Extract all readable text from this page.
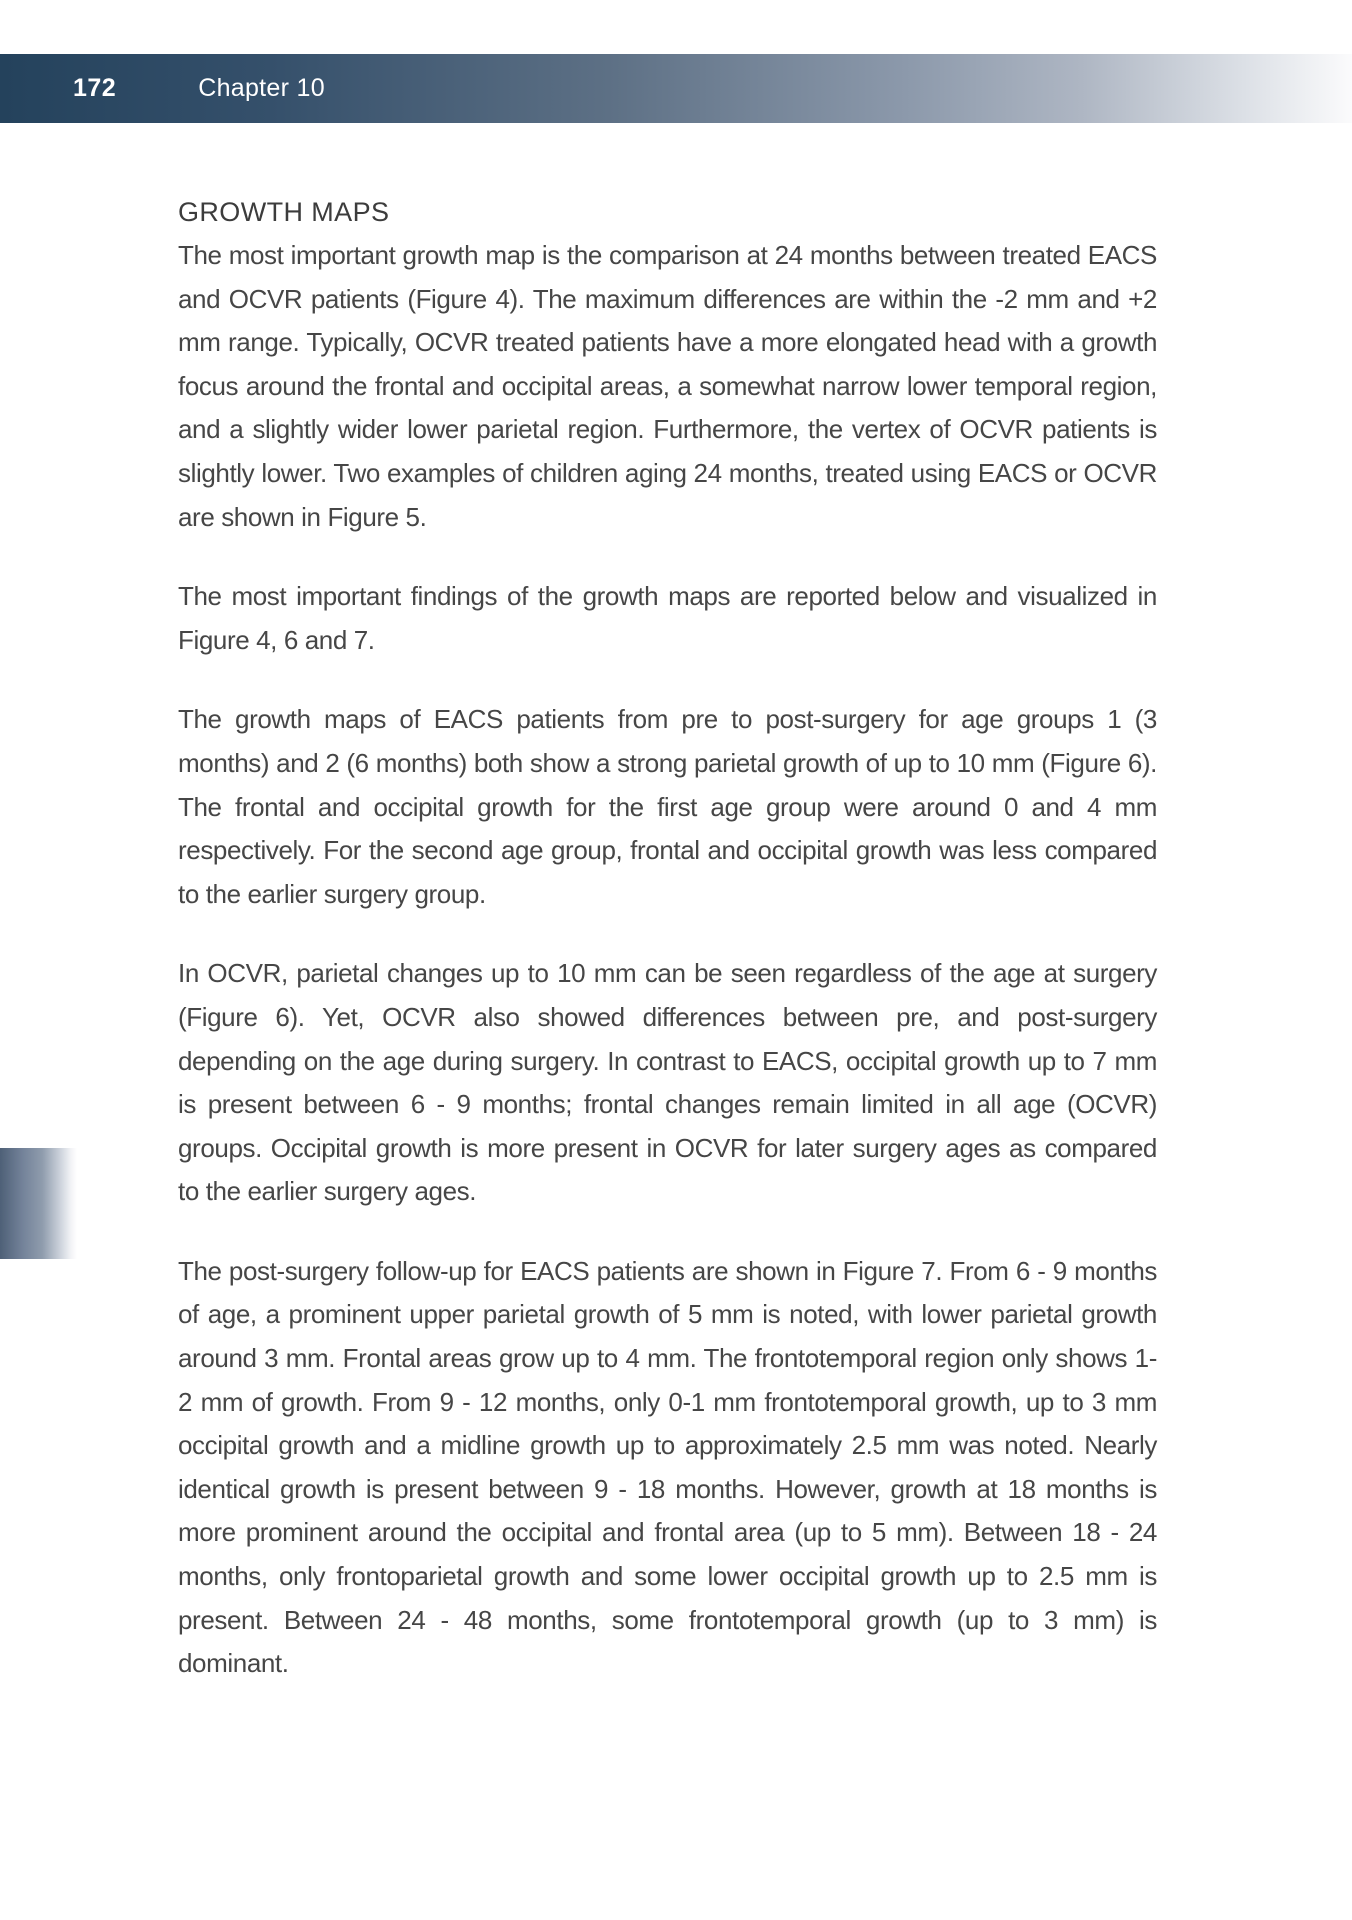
172	Chapter 10
GROWTH MAPS

The most important growth map is the comparison at 24 months between treated EACS and OCVR patients (Figure 4). The maximum differences are within the -2 mm and +2 mm range. Typically, OCVR treated patients have a more elongated head with a growth focus around the frontal and occipital areas, a somewhat narrow lower temporal region, and a slightly wider lower parietal region. Furthermore, the vertex of OCVR patients is slightly lower. Two examples of children aging 24 months, treated using EACS or OCVR are shown in Figure 5.

The most important findings of the growth maps are reported below and visualized in Figure 4, 6 and 7.

The growth maps of EACS patients from pre to post-surgery for age groups 1 (3 months) and 2 (6 months) both show a strong parietal growth of up to 10 mm (Figure 6). The frontal and occipital growth for the first age group were around 0 and 4 mm respectively. For the second age group, frontal and occipital growth was less compared to the earlier surgery group.

In OCVR, parietal changes up to 10 mm can be seen regardless of the age at surgery (Figure 6). Yet, OCVR also showed differences between pre, and post-surgery depending on the age during surgery. In contrast to EACS, occipital growth up to 7 mm is present between 6 - 9 months; frontal changes remain limited in all age (OCVR) groups. Occipital growth is more present in OCVR for later surgery ages as compared to the earlier surgery ages.

The post-surgery follow-up for EACS patients are shown in Figure 7. From 6 - 9 months of age, a prominent upper parietal growth of 5 mm is noted, with lower parietal growth around 3 mm. Frontal areas grow up to 4 mm. The frontotemporal region only shows 1-2 mm of growth. From 9 - 12 months, only 0-1 mm frontotemporal growth, up to 3 mm occipital growth and a midline growth up to approximately 2.5 mm was noted. Nearly identical growth is present between 9 - 18 months. However, growth at 18 months is more prominent around the occipital and frontal area (up to 5 mm). Between 18 - 24 months, only frontoparietal growth and some lower occipital growth up to 2.5 mm is present. Between 24 - 48 months, some frontotemporal growth (up to 3 mm) is dominant.
